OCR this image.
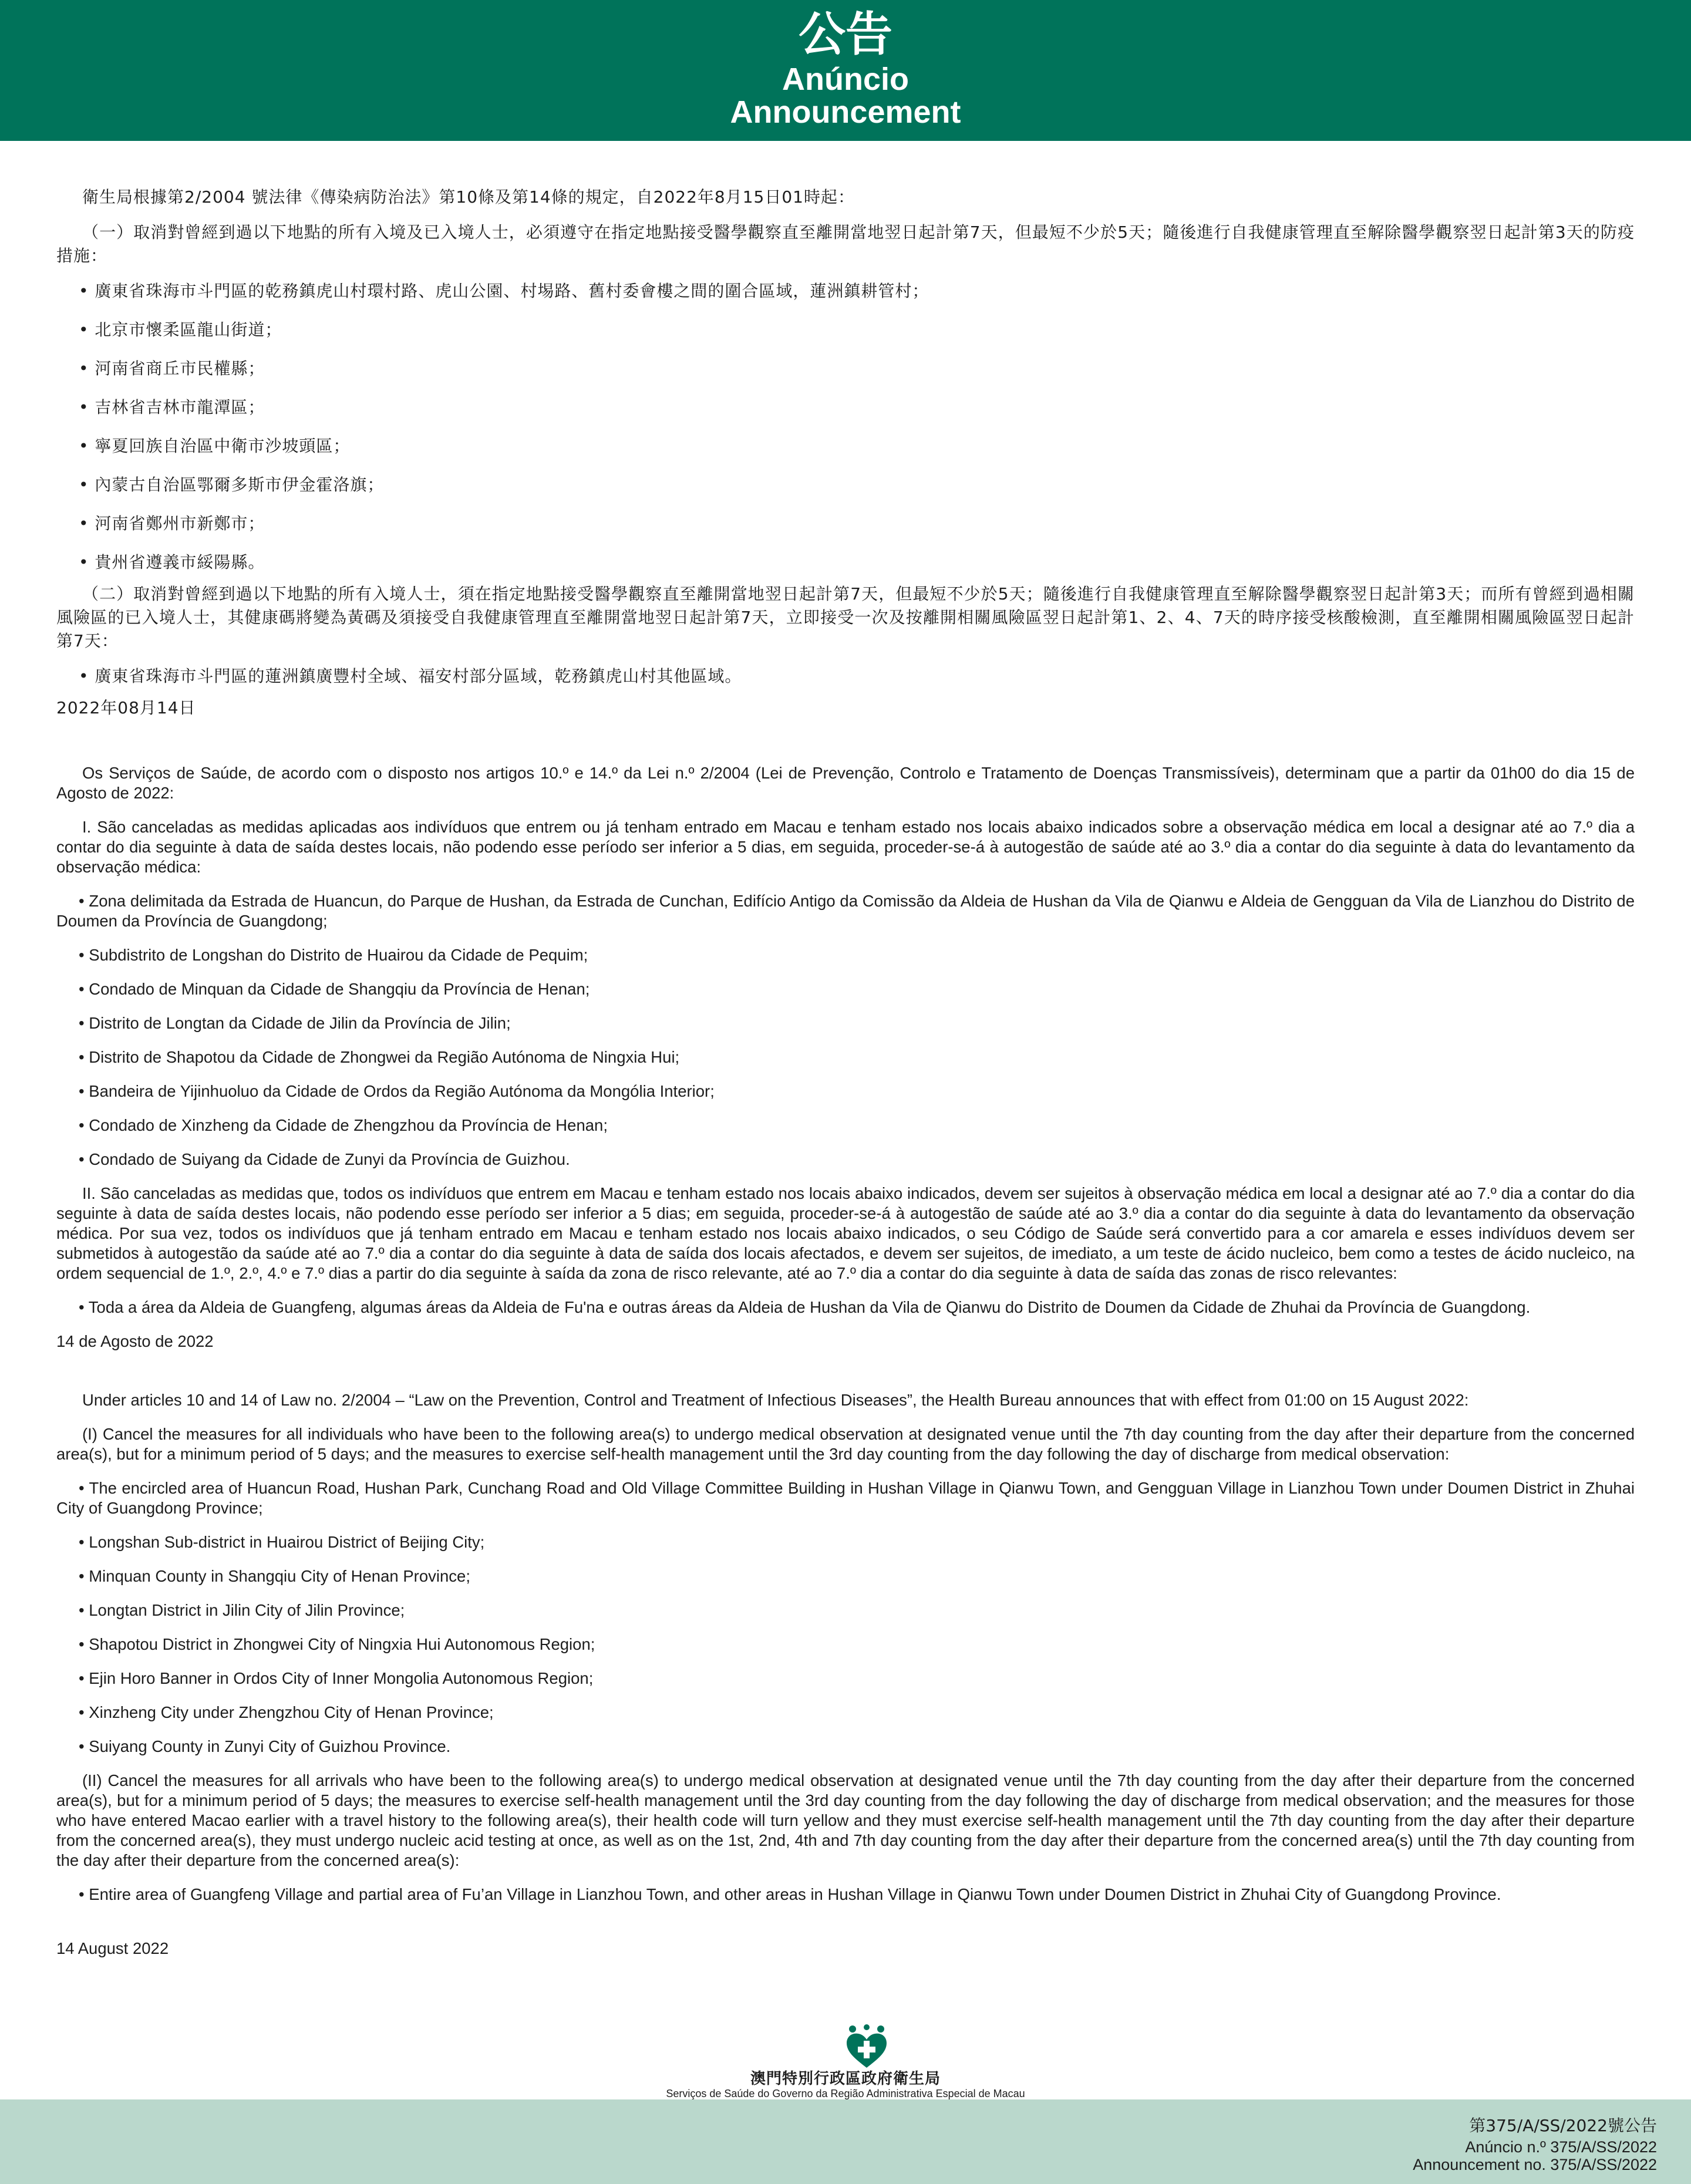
公告
Anúncio
Announcement

衛生局根據第2/2004 號法律《傳染病防治法》第10條及第14條的規定，自2022年8月15日01時起：

（一）取消對曾經到過以下地點的所有入境及已入境人士，必須遵守在指定地點接受醫學觀察直至離開當地翌日起計第7天，但最短不少於5天；隨後進行自我健康管理直至解除醫學觀察翌日起計第3天的防疫措施：

• 廣東省珠海市斗門區的乾務鎮虎山村環村路、虎山公園、村埸路、舊村委會樓之間的圍合區域，蓮洲鎮耕管村；

• 北京市懷柔區龍山街道；

• 河南省商丘市民權縣；

• 吉林省吉林市龍潭區；

• 寧夏回族自治區中衛市沙坡頭區；

• 內蒙古自治區鄂爾多斯市伊金霍洛旗；

• 河南省鄭州市新鄭市；

• 貴州省遵義市綏陽縣。

（二）取消對曾經到過以下地點的所有入境人士，須在指定地點接受醫學觀察直至離開當地翌日起計第7天，但最短不少於5天；隨後進行自我健康管理直至解除醫學觀察翌日起計第3天；而所有曾經到過相關風險區的已入境人士，其健康碼將變為黃碼及須接受自我健康管理直至離開當地翌日起計第7天，立即接受一次及按離開相關風險區翌日起計第1、2、4、7天的時序接受核酸檢測，直至離開相關風險區翌日起計第7天：

• 廣東省珠海市斗門區的蓮洲鎮廣豐村全域、福安村部分區域，乾務鎮虎山村其他區域。

2022年08月14日

Os Serviços de Saúde, de acordo com o disposto nos artigos 10.º e 14.º da Lei n.º 2/2004 (Lei de Prevenção, Controlo e Tratamento de Doenças Transmissíveis), determinam que a partir da 01h00 do dia 15 de Agosto de 2022:

I. São canceladas as medidas aplicadas aos indivíduos que entrem ou já tenham entrado em Macau e tenham estado nos locais abaixo indicados sobre a observação médica em local a designar até ao 7.º dia a contar do dia seguinte à data de saída destes locais, não podendo esse período ser inferior a 5 dias, em seguida, proceder-se-á à autogestão de saúde até ao 3.º dia a contar do dia seguinte à data do levantamento da observação médica:

• Zona delimitada da Estrada de Huancun, do Parque de Hushan, da Estrada de Cunchan, Edifício Antigo da Comissão da Aldeia de Hushan da Vila de Qianwu e Aldeia de Gengguan da Vila de Lianzhou do Distrito de Doumen da Província de Guangdong;

• Subdistrito de Longshan do Distrito de Huairou da Cidade de Pequim;

• Condado de Minquan da Cidade de Shangqiu da Província de Henan;

• Distrito de Longtan da Cidade de Jilin da Província de Jilin;

• Distrito de Shapotou da Cidade de Zhongwei da Região Autónoma de Ningxia Hui;

• Bandeira de Yijinhuoluo da Cidade de Ordos da Região Autónoma da Mongólia Interior;

• Condado de Xinzheng da Cidade de Zhengzhou da Província de Henan;

• Condado de Suiyang da Cidade de Zunyi da Província de Guizhou.

II. São canceladas as medidas que, todos os indivíduos que entrem em Macau e tenham estado nos locais abaixo indicados, devem ser sujeitos à observação médica em local a designar até ao 7.º dia a contar do dia seguinte à data de saída destes locais, não podendo esse período ser inferior a 5 dias; em seguida, proceder-se-á à autogestão de saúde até ao 3.º dia a contar do dia seguinte à data do levantamento da observação médica. Por sua vez, todos os indivíduos que já tenham entrado em Macau e tenham estado nos locais abaixo indicados, o seu Código de Saúde será convertido para a cor amarela e esses indivíduos devem ser submetidos à autogestão da saúde até ao 7.º dia a contar do dia seguinte à data de saída dos locais afectados, e devem ser sujeitos, de imediato, a um teste de ácido nucleico, bem como a testes de ácido nucleico, na ordem sequencial de 1.º, 2.º, 4.º e 7.º dias a partir do dia seguinte à saída da zona de risco relevante, até ao 7.º dia a contar do dia seguinte à data de saída das zonas de risco relevantes:

• Toda a área da Aldeia de Guangfeng, algumas áreas da Aldeia de Fu'na e outras áreas da Aldeia de Hushan da Vila de Qianwu do Distrito de Doumen da Cidade de Zhuhai da Província de Guangdong.

14 de Agosto de 2022

Under articles 10 and 14 of Law no. 2/2004 – “Law on the Prevention, Control and Treatment of Infectious Diseases”, the Health Bureau announces that with effect from 01:00 on 15 August 2022:

(I) Cancel the measures for all individuals who have been to the following area(s) to undergo medical observation at designated venue until the 7th day counting from the day after their departure from the concerned area(s), but for a minimum period of 5 days; and the measures to exercise self-health management until the 3rd day counting from the day following the day of discharge from medical observation:

• The encircled area of Huancun Road, Hushan Park, Cunchang Road and Old Village Committee Building in Hushan Village in Qianwu Town, and Gengguan Village in Lianzhou Town under Doumen District in Zhuhai City of Guangdong Province;

• Longshan Sub-district in Huairou District of Beijing City;

• Minquan County in Shangqiu City of Henan Province;

• Longtan District in Jilin City of Jilin Province;

• Shapotou District in Zhongwei City of Ningxia Hui Autonomous Region;

• Ejin Horo Banner in Ordos City of Inner Mongolia Autonomous Region;

• Xinzheng City under Zhengzhou City of Henan Province;

• Suiyang County in Zunyi City of Guizhou Province.

(II) Cancel the measures for all arrivals who have been to the following area(s) to undergo medical observation at designated venue until the 7th day counting from the day after their departure from the concerned area(s), but for a minimum period of 5 days; the measures to exercise self-health management until the 3rd day counting from the day following the day of discharge from medical observation; and the measures for those who have entered Macao earlier with a travel history to the following area(s), their health code will turn yellow and they must exercise self-health management until the 7th day counting from the day after their departure from the concerned area(s), they must undergo nucleic acid testing at once, as well as on the 1st, 2nd, 4th and 7th day counting from the day after their departure from the concerned area(s) until the 7th day counting from the day after their departure from the concerned area(s):

• Entire area of Guangfeng Village and partial area of Fu’an Village in Lianzhou Town, and other areas in Hushan Village in Qianwu Town under Doumen District in Zhuhai City of Guangdong Province.

14 August 2022

澳門特別行政區政府衛生局
Serviços de Saúde do Governo da Região Administrativa Especial de Macau
第375/A/SS/2022號公告
Anúncio n.º 375/A/SS/2022
Announcement no. 375/A/SS/2022
